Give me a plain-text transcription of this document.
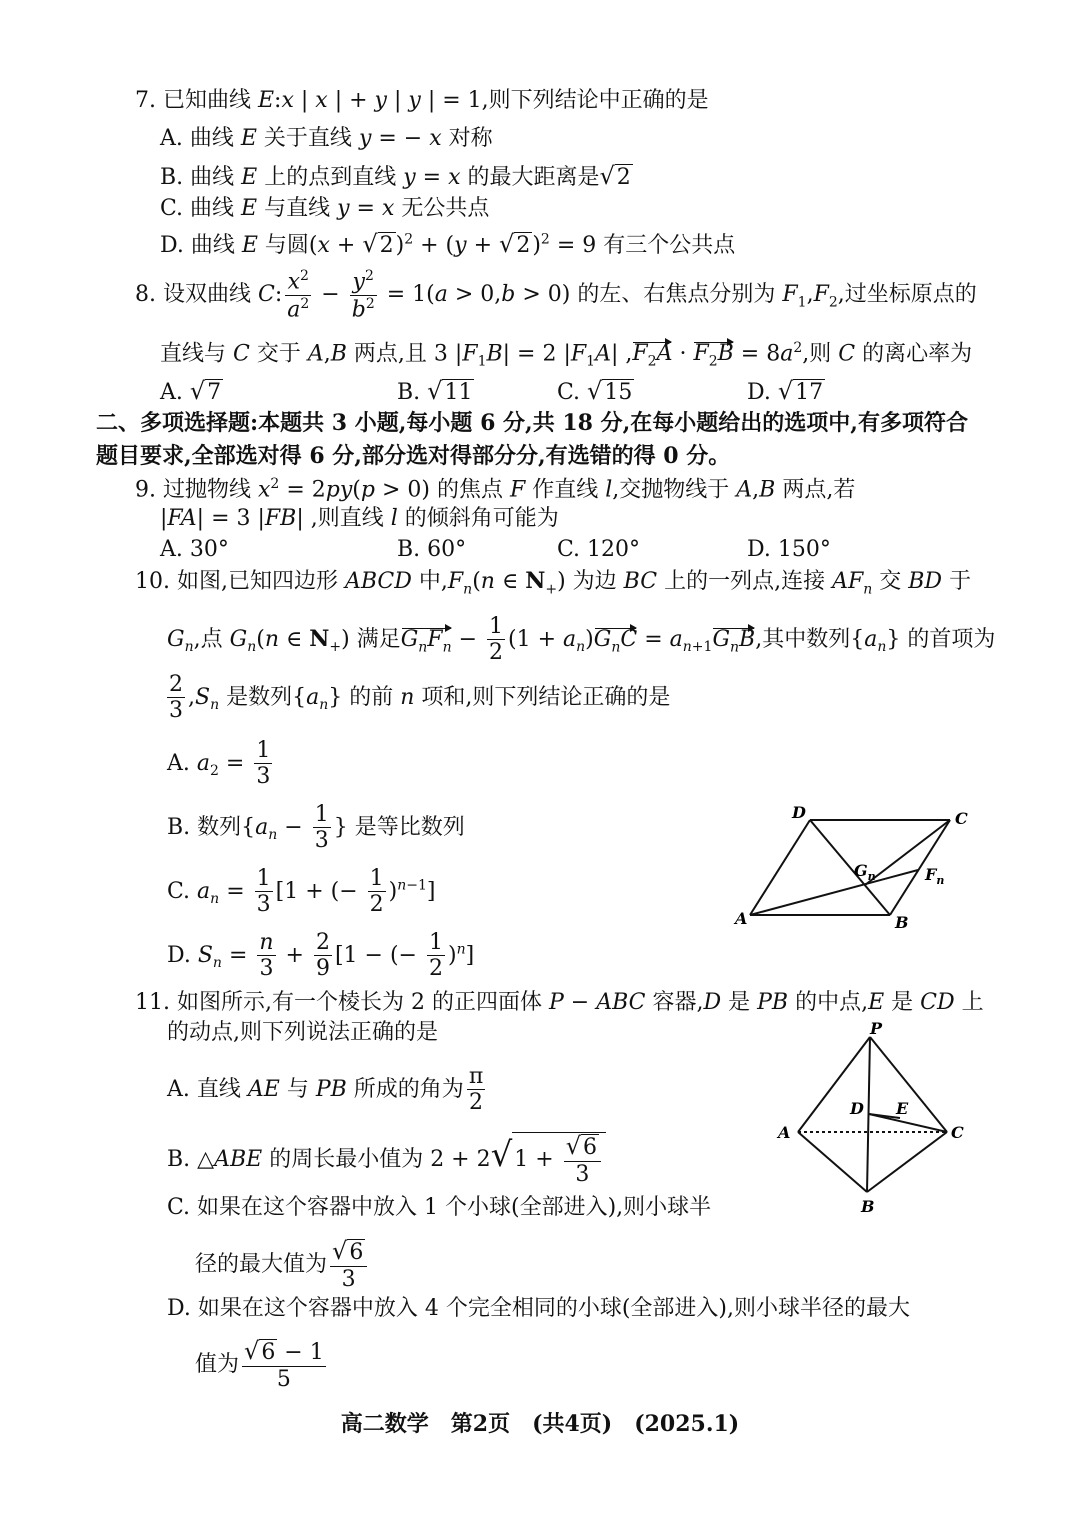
7. 已知曲线 E:x | x | + y | y | = 1,则下列结论中正确的是
A. 曲线 E 关于直线 y = − x 对称
B. 曲线 E 上的点到直线 y = x 的最大距离是√2
C. 曲线 E 与直线 y = x 无公共点
D. 曲线 E 与圆$(x + √2)^2 + (y + √2)^2 = 9$ 有三个公共点
8. 设双曲线 C: $\frac{x^2}{a^2} - \frac{y^2}{b^2} = 1(a > 0,b > 0)$ 的左、右焦点分别为 $F_1,F_2$,过坐标原点的
直线与 C 交于 A,B 两点,且 3 $|F_1B| = 2$ $|F_1A|$ $,F_2A \cdot F_2B = 8a^2$,则 C 的离心率为
A. √7	B. √11	C. √15	D. √17
二、多项选择题:本题共 3 小题,每小题 6 分,共 18 分,在每小题给出的选项中,有多项符合
题目要求,全部选对得 6 分,部分选对得部分分,有选错的得 0 分。
9. 过抛物线 $x^2 = 2py(p > 0)$ 的焦点 F 作直线 l,交抛物线于 A,B 两点,若
|FA| = 3 |FB| ,则直线 l 的倾斜角可能为
A. 30°	B. 60°	C. 120°	D. 150°
10. 如图,已知四边形 ABCD 中$,F_n(n$ ∈ $N_+$) 为边 BC 上的一列点,连接 $AF_n$ 交 BD 于
$G_n$,点 $G_n(n$ ∈ $N_+$) 满足$G_nF_n - \frac{1}{2} (1 + a_n)G_nC = a_{n+1}G_nB$,其中数列$\{a_n\}$ 的首项为
$\frac{2}{3} ,S_n$ 是数列$\{a_n\}$ 的前 n 项和,则下列结论正确的是
A. $a_2 = \frac{1}{3}$
B. 数列{$a_n - \frac{1}{3}$ } 是等比数列
C. $a_n = \frac{1}{3} [1$ + (− $\frac{1}{2} )^{n-1}$]
D. $S_n = \frac{n}{3} + \frac{2}{9} [1$ − (− $\frac{1}{2} )^n$]
D	C
$G_n$	$F_n$
A	B
11. 如图所示,有一个棱长为 2 的正四面体 P − ABC 容器,D 是 PB 的中点,E 是 CD 上
的动点,则下列说法正确的是
A. 直线 AE 与 PB 所成的角为 $\frac{\pi}{2}$
B. △ABE 的周长最小值为 $2 + 2√1 + \frac{√6}{3}$
C. 如果在这个容器中放入 1 个小球(全部进入),则小球半
径的最大值为 $\frac{√6}{3}$
D. 如果在这个容器中放入 4 个完全相同的小球(全部进入),则小球半径的最大
值为 $\frac{√6 - 1}{5}$
P
D E
A	C
B
高二数学　第2页　(共4页)　(2025.1)
